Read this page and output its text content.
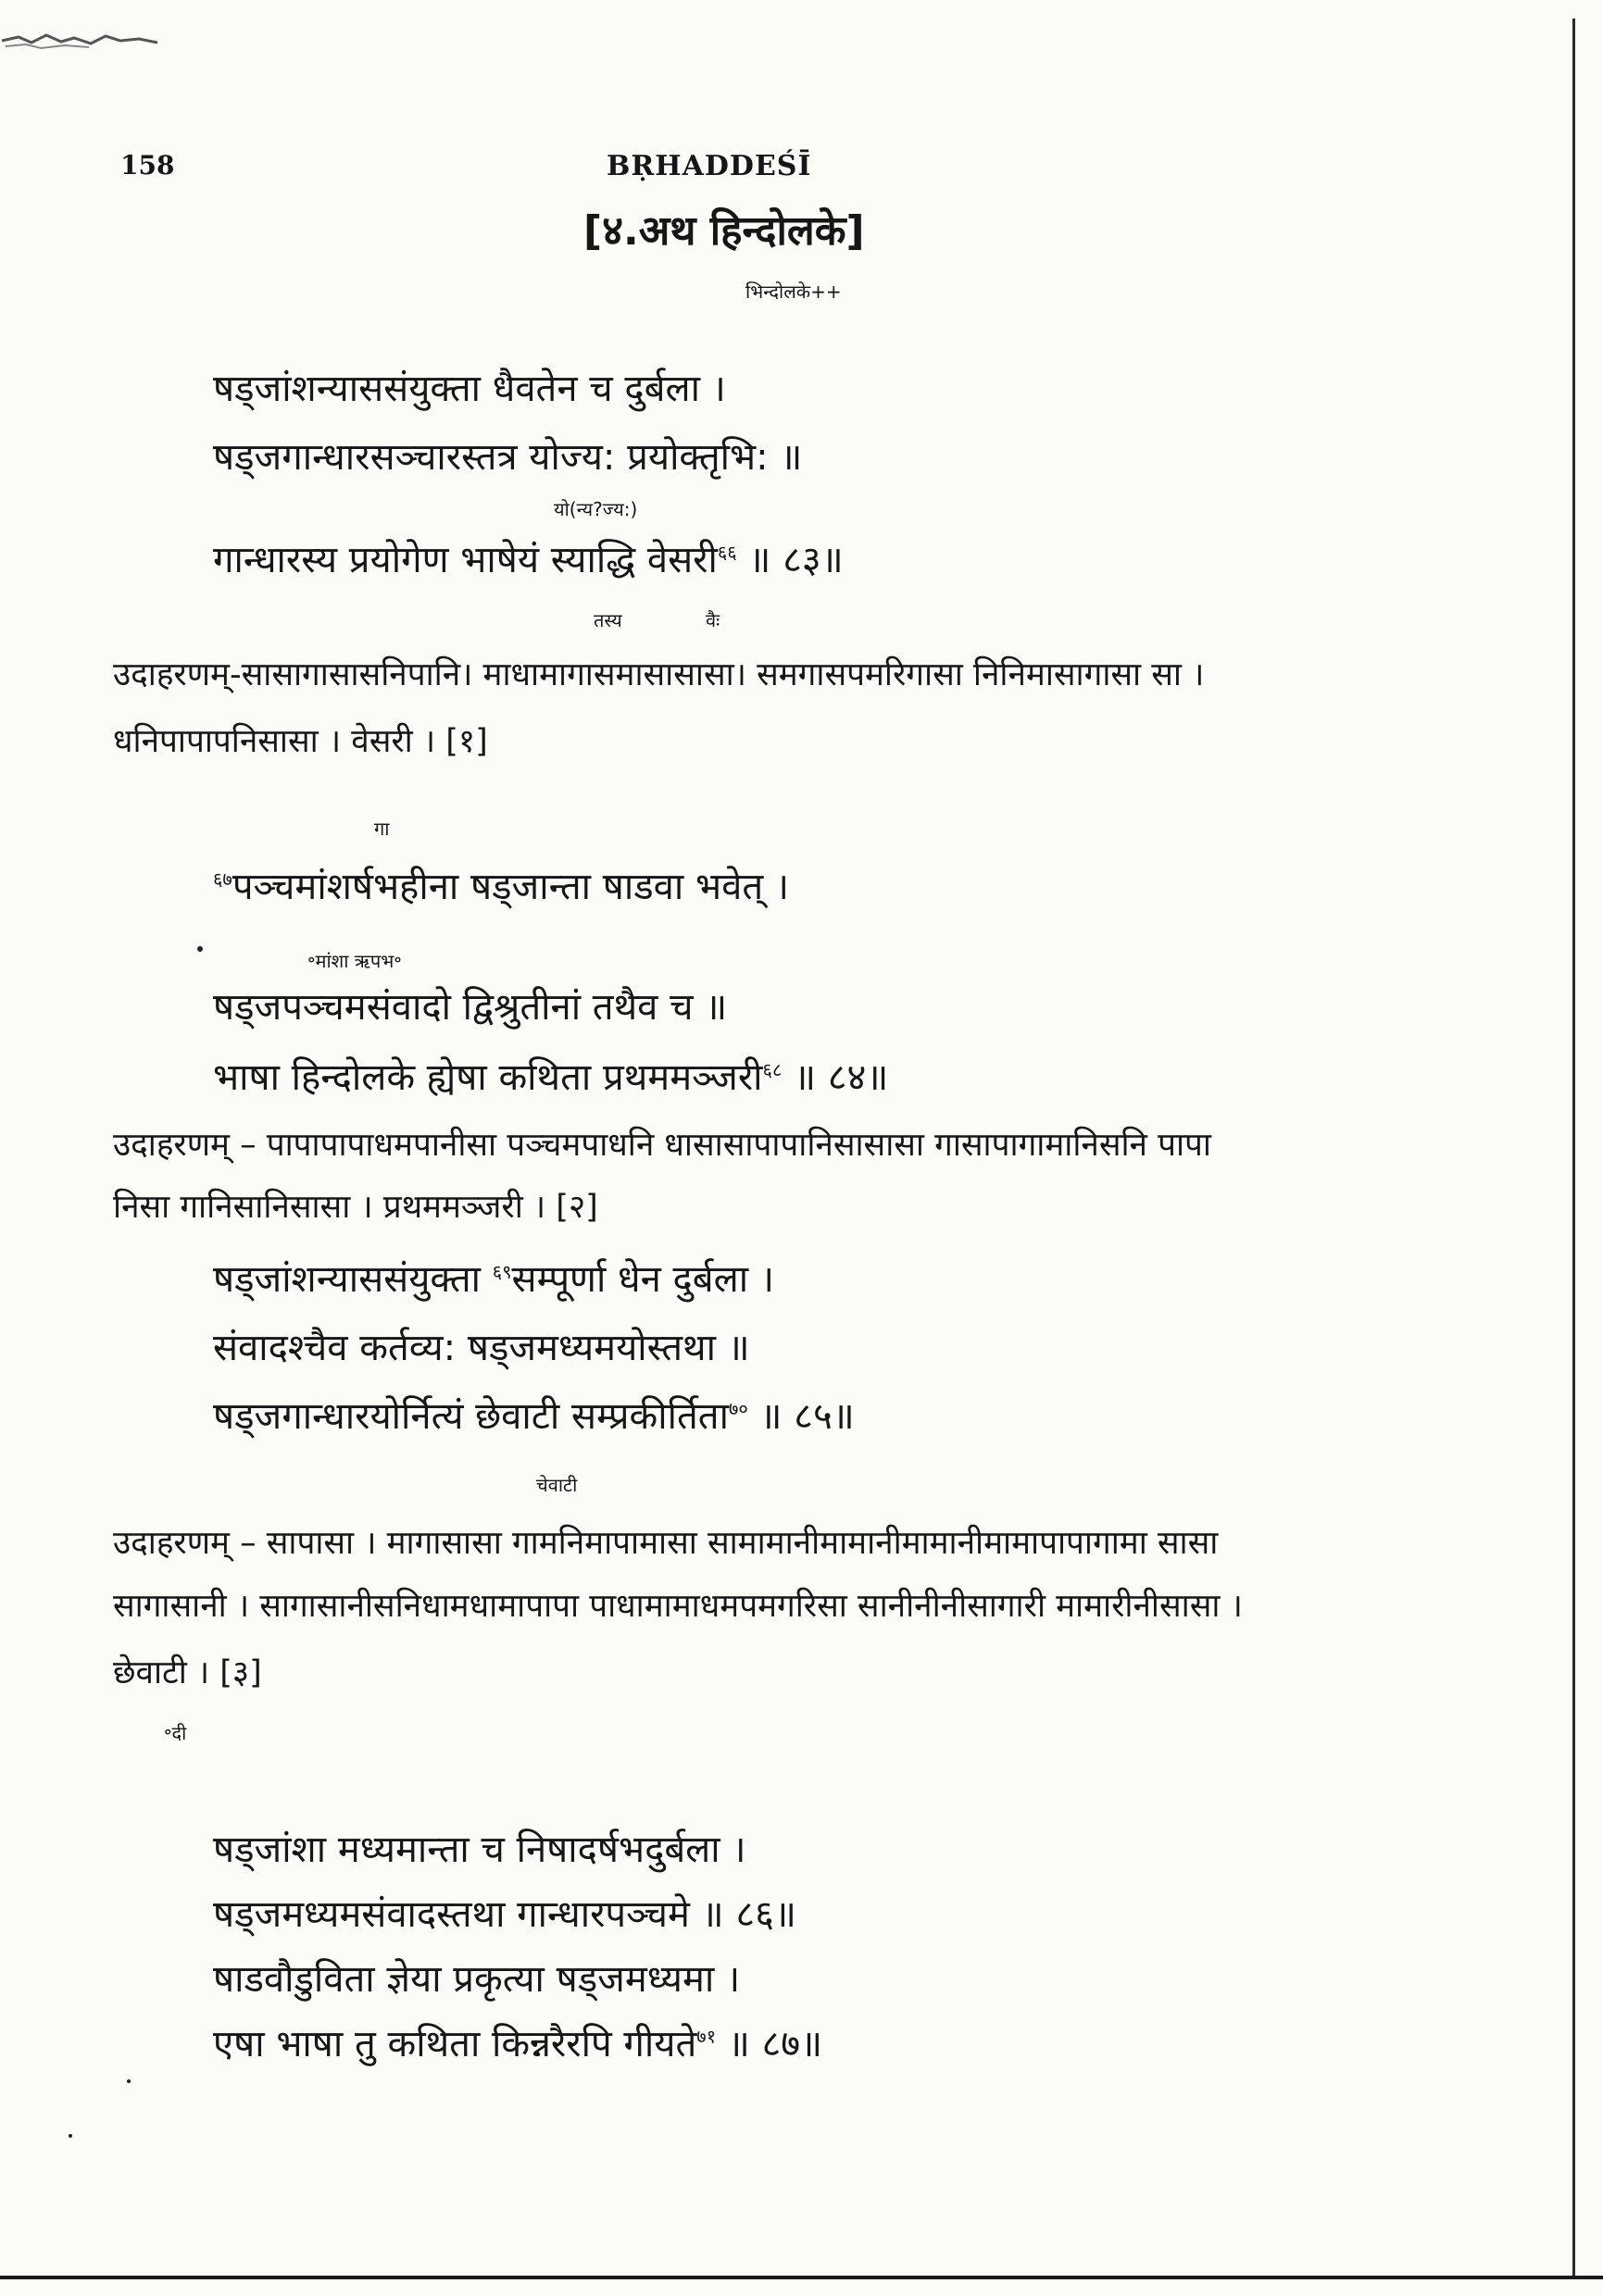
158	BṚHADDEŚĪ
[४.अथ हिन्दोलके]
भिन्दोलके++
षड्जांशन्याससंयुक्ता धैवतेन च दुर्बला ।
षड्जगान्धारसञ्चारस्तत्र योज्य: प्रयोक्तृभि: ॥
यो(न्य?ज्य:)
गान्धारस्य प्रयोगेण भाषेयं स्याद्धि वेसरी$^{६६}$ ॥ ८३॥
तस्य	वैः
उदाहरणम्-सासागासासनिपानि। माधामागासमासासासा। समगासपमरिगासा निनिमासागासा सा ।
धनिपापापनिसासा । वेसरी । [१]
गा
$^{६७}$पञ्चमांशर्षभहीना षड्जान्ता षाडवा भवेत् ।
॰मांशा ऋपभ॰
षड्जपञ्चमसंवादो द्विश्रुतीनां तथैव च ॥
भाषा हिन्दोलके ह्येषा कथिता प्रथममञ्जरी$^{६८}$ ॥ ८४॥
उदाहरणम् – पापापापाधमपानीसा पञ्चमपाधनि धासासापापानिसासासा गासापागामानिसनि पापा
निसा गानिसानिसासा । प्रथममञ्जरी । [२]
षड्जांशन्याससंयुक्ता $^{६९}$सम्पूर्णा धेन दुर्बला ।
संवादश्चैव कर्तव्य: षड्जमध्यमयोस्तथा ॥
षड्जगान्धारयोर्नित्यं छेवाटी सम्प्रकीर्तिता$^{७०}$ ॥ ८५॥
चेवाटी
उदाहरणम् – सापासा । मागासासा गामनिमापामासा सामामानीमामानीमामानीमामापापागामा सासा
सागासानी । सागासानीसनिधामधामापापा पाधामामाधमपमगरिसा सानीनीनीसागारी मामारीनीसासा ।
छेवाटी । [३]
॰दी
षड्जांशा मध्यमान्ता च निषादर्षभदुर्बला ।
षड्जमध्यमसंवादस्तथा गान्धारपञ्चमे ॥ ८६॥
षाडवौडुविता ज्ञेया प्रकृत्या षड्जमध्यमा ।
एषा भाषा तु कथिता किन्नरैरपि गीयते$^{७१}$ ॥ ८७॥
